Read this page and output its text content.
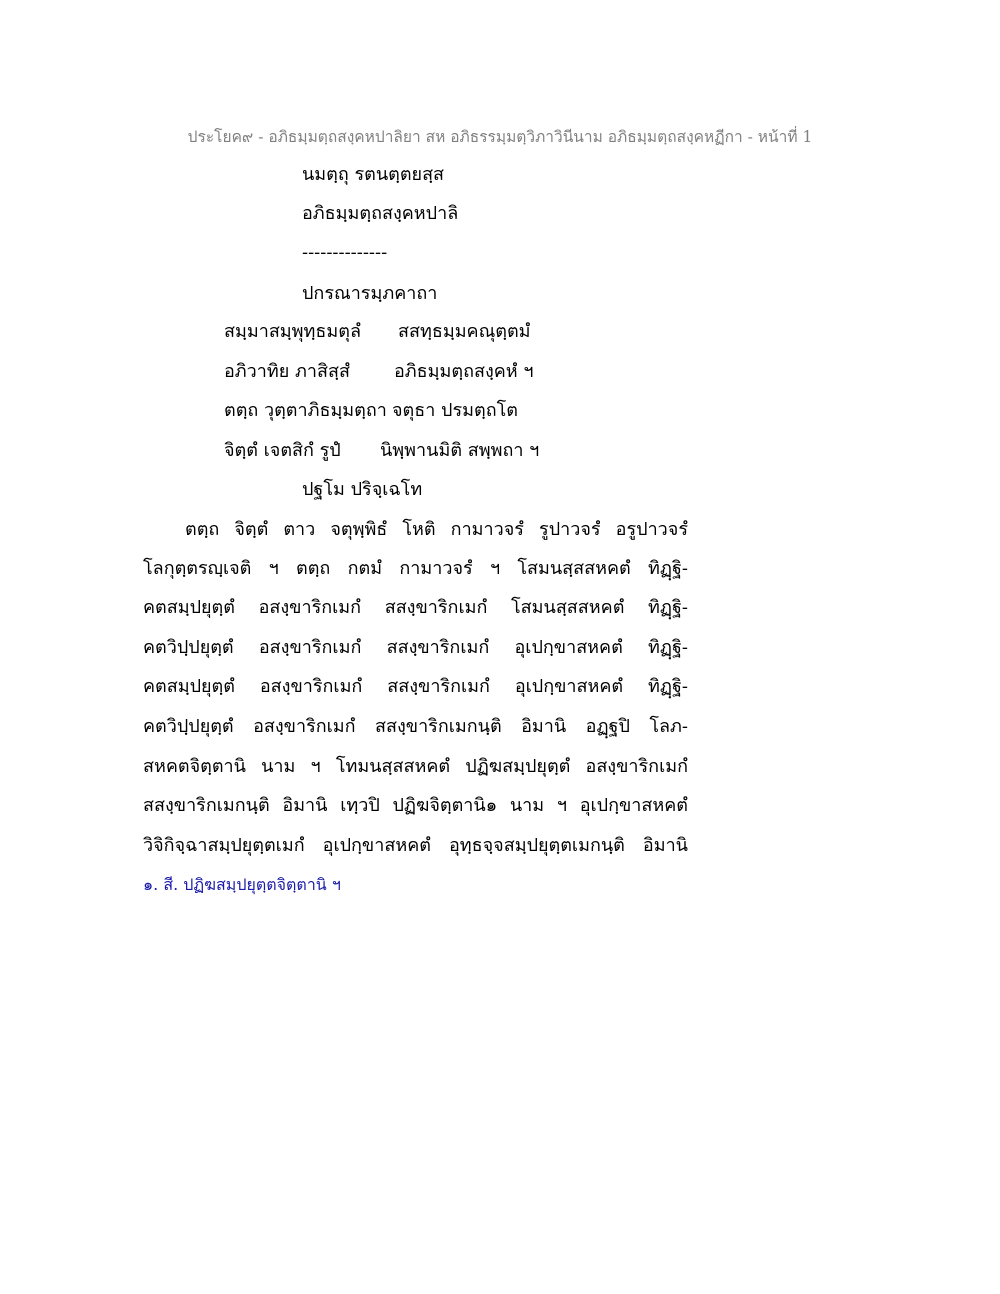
ประโยค๙ - อภิธมฺมตฺถสงฺคหปาลิยา สห อภิธรรมฺมตฺวิภาวินีนาม อภิธมฺมตฺถสงฺคหฏีกา - หน้าที่ 1
นมตฺถุ รตนตฺตยสฺส
อภิธมฺมตฺถสงฺคหปาลิ
--------------
ปกรณารมฺภคาถา
สมฺมาสมฺพุทฺธมตุลํ สสทฺธมฺมคณุตฺตมํ
อภิวาทิย ภาสิสฺสํ อภิธมฺมตฺถสงฺคหํ ฯ
ตตฺถ วุตฺตาภิธมฺมตฺถา จตุธา ปรมตฺถโต
จิตฺตํ เจตสิกํ รูปํ นิพฺพานมิติ สพฺพถา ฯ
ปฐโม ปริจฺเฉโท
ตตฺถ จิตฺตํ ตาว จตุพฺพิธํ โหติ กามาวจรํ รูปาวจรํ อรูปาวจรํ
โลกุตฺตรญฺเจติ ฯ ตตฺถ กตมํ กามาวจรํ ฯ โสมนสฺสสหคตํ ทิฏฺฐิ-
คตสมฺปยุตฺตํ อสงฺขาริกเมกํ สสงฺขาริกเมกํ โสมนสฺสสหคตํ ทิฏฺฐิ-
คตวิปฺปยุตฺตํ อสงฺขาริกเมกํ สสงฺขาริกเมกํ อุเปกฺขาสหคตํ ทิฏฺฐิ-
คตสมฺปยุตฺตํ อสงฺขาริกเมกํ สสงฺขาริกเมกํ อุเปกฺขาสหคตํ ทิฏฺฐิ-
คตวิปฺปยุตฺตํ อสงฺขาริกเมกํ สสงฺขาริกเมกนฺติ อิมานิ อฏฺฐปิ โลภ-
สหคตจิตฺตานิ นาม ฯ โทมนสฺสสหคตํ ปฏิฆสมฺปยุตฺตํ อสงฺขาริกเมกํ
สสงฺขาริกเมกนฺติ อิมานิ เทฺวปิ ปฏิฆจิตฺตานิ๑ นาม ฯ อุเปกฺขาสหคตํ
วิจิกิจฺฉาสมฺปยุตฺตเมกํ อุเปกฺขาสหคตํ อุทฺธจฺจสมฺปยุตฺตเมกนฺติ อิมานิ
๑. สี. ปฏิฆสมฺปยุตฺตจิตฺตานิ ฯ
